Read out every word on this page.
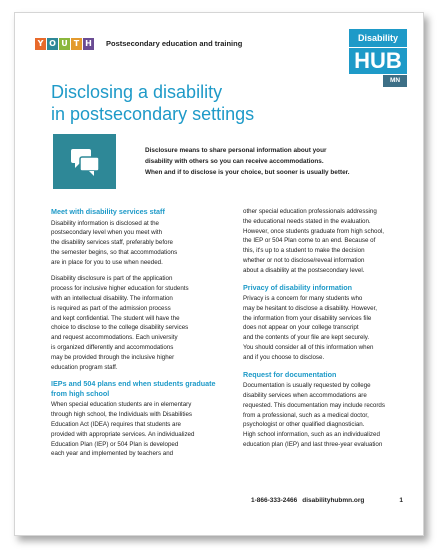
Y O U T H Postsecondary education and training
Disability
HUB
MN
Disclosing a disability
in postsecondary settings
Disclosure means to share personal information about your
disability with others so you can receive accommodations.
When and if to disclose is your choice, but sooner is usually better.
Meet with disability services staff

Disability information is disclosed at the
postsecondary level when you meet with
the disability services staff, preferably before
the semester begins, so that accommodations
are in place for you to use when needed.

Disability disclosure is part of the application
process for inclusive higher education for students
with an intellectual disability. The information
is required as part of the admission process
and kept confidential. The student will have the
choice to disclose to the college disability services
and request accommodations. Each university
is organized differently and accommodations
may be provided through the inclusive higher
education program staff.

IEPs and 504 plans end when students graduate from high school

When special education students are in elementary
through high school, the Individuals with Disabilities
Education Act (IDEA) requires that students are
provided with appropriate services. An individualized
Education Plan (IEP) or 504 Plan is developed
each year and implemented by teachers and

other special education professionals addressing
the educational needs stated in the evaluation.
However, once students graduate from high school,
the IEP or 504 Plan come to an end. Because of
this, it's up to a student to make the decision
whether or not to disclose/reveal information
about a disability at the postsecondary level.

Privacy of disability information

Privacy is a concern for many students who
may be hesitant to disclose a disability. However,
the information from your disability services file
does not appear on your college transcript
and the contents of your file are kept securely.
You should consider all of this information when
and if you choose to disclose.

Request for documentation

Documentation is usually requested by college
disability services when accommodations are
requested. This documentation may include records
from a professional, such as a medical doctor,
psychologist or other qualified diagnostician.
High school information, such as an individualized
education plan (IEP) and last three-year evaluation

1-866-333-2466 disabilityhubmn.org	1
